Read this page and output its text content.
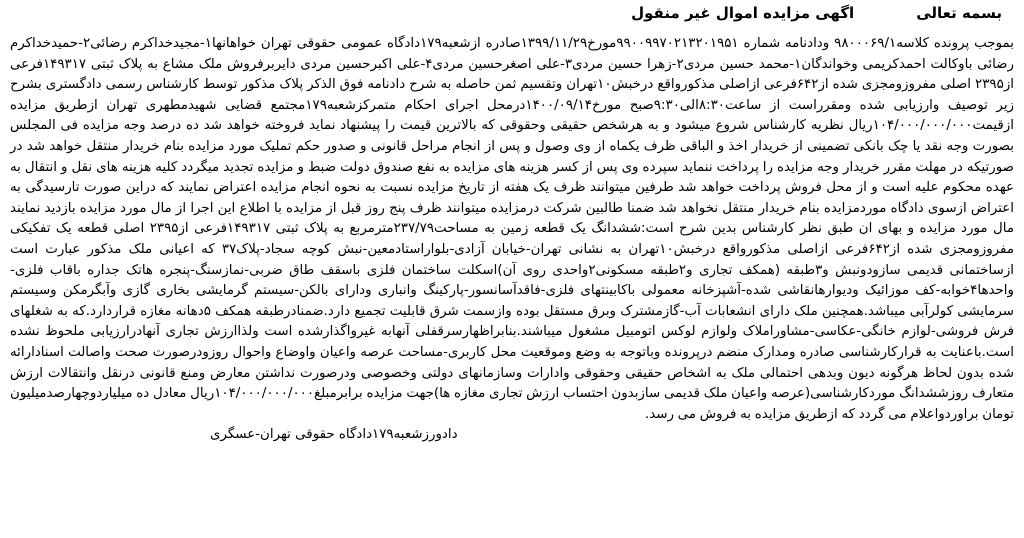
بسمه تعالی
اگهی مزایده اموال غیر منقول

بموجب پرونده کلاسه۹۸۰۰۰۶۹/۱ ودادنامه شماره ۹۹۰۰۹۹۷۰۲۱۳۲۰۱۹۵۱مورخ۱۳۹۹/۱۱/۲۹صادره ازشعبه۱۷۹دادگاه عمومی حقوقی تهران خواهانها۱-مجیدخداکرم رضائی۲-حمیدخداکرم رضائی باوکالت احمدکریمی وخواندگان۱-محمد حسین مردی۲-زهرا حسین مردی۳-علی اصغرحسین مردی۴-علی اکبرحسین مردی دایربرفروش ملک مشاع به پلاک ثبتی ۱۴۹۳۱۷فرعی از۲۳۹۵ اصلی مفروزومجزی شده از۶۴۲فرعی ازاصلی مذکورواقع درخبش۱۰تهران وتقسیم ثمن حاصله به شرح دادنامه فوق الذکر پلاک مذکور توسط کارشناس رسمی دادگستری بشرح زیر توصیف وارزیابی شده ومقرراست از ساعت۸:۳۰الی۹:۳۰صبح مورخ۱۴۰۰/۰۹/۱۴درمحل اجرای احکام متمرکزشعبه۱۷۹مجتمع قضایی شهیدمطهری تهران ازطریق مزایده ازقیمت۱۰۴/۰۰۰/۰۰۰/۰۰۰ریال نظریه کارشناس شروع میشود و به هرشخص حقیقی وحقوقی که بالاترین قیمت را پیشنهاد نماید فروخته خواهد شد ده درصد وجه مزایده فی المجلس بصورت وجه نقد یا چک بانکی تضمینی از خریدار اخذ و الباقی ظرف یکماه از وی وصول و پس از انجام مراحل قانونی و صدور حکم تملیک مورد مزایده بنام خریدار منتقل خواهد شد در صورتیکه در مهلت مقرر خریدار وجه مزایده را پرداخت ننماید سپرده وی پس از کسر هزینه های مزایده به نفع صندوق دولت ضبط و مزایده تجدید میگردد کلیه هزینه های نقل و انتقال به عهده محکوم علیه است و از محل فروش پرداخت خواهد شد طرفین میتوانند ظرف یک هفته از تاریخ مزایده نسبت به نحوه انجام مزایده اعتراض نمایند که دراین صورت تارسیدگی به اعتراض ازسوی دادگاه موردمزایده بنام خریدار منتقل نخواهد شد ضمنا طالبین شرکت درمزایده میتوانند ظرف پنج روز قبل از مزایده با اطلاع این اجرا از مال مورد مزایده بازدید نمایند مال مورد مزایده و بهای ان طبق نظر کارشناس بدین شرح است:ششدانگ یک قطعه زمین به مساحت۲۳۷/۷۹مترمربع به پلاک ثبتی ۱۴۹۳۱۷فرعی از۲۳۹۵ اصلی قطعه یک تفکیکی مفروزومجزی شده از۶۴۲فرعی ازاصلی مذکورواقع درخبش۱۰تهران به نشانی تهران-خیابان آزادی-بلواراستادمعین-نبش کوچه سجاد-پلاک۳۷ که اعیانی ملک مذکور عبارت است ازساختمانی قدیمی سازودونبش و۳طبقه (همکف تجاری و۲طبقه مسکونی۲واحدی روی آن)اسکلت ساختمان فلزی باسقف طاق ضربی-نمازسنگ-پنجره هاتک جداره باقاب فلزی-واحدها۴خوابه-کف موزائیک ودیوارهانقاشی شده-آشپزخانه معمولی باکابینتهای فلزی-فاقدآسانسور-پارکینگ وانباری ودارای بالکن-سیستم گرمایشی بخاری گازی وآبگرمکن وسیستم سرمایشی کولرآبی میباشد.همچنین ملک دارای انشعابات آب-گازمشترک وبرق مستقل بوده وازسمت شرق قابلیت تجمیع دارد.ضمنادرطبقه همکف ۵دهانه مغازه قراردارد.که به شغلهای فرش فروشی-لوازم خانگی-عکاسی-مشاوراملاک ولوازم لوکس اتومبیل مشغول میباشند.بنابراظهارسرقفلی آنهابه غیرواگذارشده است ولذاارزش تجاری آنهادرارزیابی ملحوظ نشده است.باعنایت به قرارکارشناسی صادره ومدارک منضم درپرونده وباتوجه به وضع وموقعیت محل کاربری-مساحت عرصه واعیان واوضاع واحوال روزودرصورت صحت واصالت اسنادارائه شده بدون لحاظ هرگونه دیون وبدهی احتمالی ملک به اشخاص حقیقی وحقوقی وادارات وسازمانهای دولتی وخصوصی ودرصورت نداشتن معارض ومنع قانونی درنقل وانتقالات ارزش متعارف روزششدانگ موردکارشناسی(عرصه واعیان ملک قدیمی سازبدون احتساب ارزش تجاری مغازه ها)جهت مزایده برابرمبلغ۱۰۴/۰۰۰/۰۰۰/۰۰۰ریال معادل ده میلیاردوچهارصدمیلیون تومان براوردواعلام می گردد که ازطریق مزایده به فروش می رسد.

دادورزشعبه۱۷۹دادگاه حقوقی تهران-عسگری
